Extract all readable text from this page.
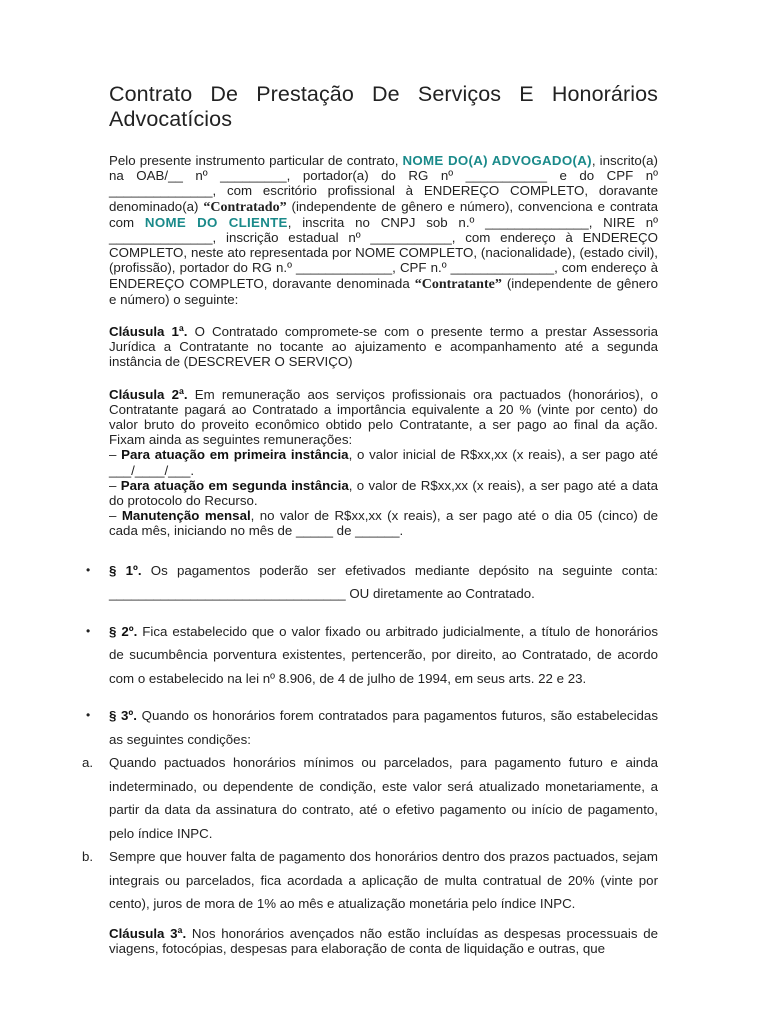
Contrato De Prestação De Serviços E Honorários
Advocatícios

Pelo presente instrumento particular de contrato, NOME DO(A) ADVOGADO(A), inscrito(a) na OAB/__ nº _________, portador(a) do RG nº ___________ e do CPF nº ______________, com escritório profissional à ENDEREÇO COMPLETO, doravante denominado(a) “Contratado” (independente de gênero e número), convenciona e contrata com NOME DO CLIENTE, inscrita no CNPJ sob n.º ______________, NIRE nº ______________, inscrição estadual nº ___________, com endereço à ENDEREÇO COMPLETO, neste ato representada por NOME COMPLETO, (nacionalidade), (estado civil), (profissão), portador do RG n.º _____________, CPF n.º ______________, com endereço à ENDEREÇO COMPLETO, doravante denominada “Contratante” (independente de gênero e número) o seguinte:

Cláusula 1ª. O Contratado compromete-se com o presente termo a prestar Assessoria Jurídica a Contratante no tocante ao ajuizamento e acompanhamento até a segunda instância de (DESCREVER O SERVIÇO)

Cláusula 2ª. Em remuneração aos serviços profissionais ora pactuados (honorários), o Contratante pagará ao Contratado a importância equivalente a 20 % (vinte por cento) do valor bruto do proveito econômico obtido pelo Contratante, a ser pago ao final da ação. Fixam ainda as seguintes remunerações:

– Para atuação em primeira instância, o valor inicial de R$xx,xx (x reais), a ser pago até ___/____/___.

– Para atuação em segunda instância, o valor de R$xx,xx (x reais), a ser pago até a data do protocolo do Recurso.

– Manutenção mensal, no valor de R$xx,xx (x reais), a ser pago até o dia 05 (cinco) de cada mês, iniciando no mês de _____ de ______.

• § 1º. Os pagamentos poderão ser efetivados mediante depósito na seguinte conta: ________________________________ OU diretamente ao Contratado.
• § 2º. Fica estabelecido que o valor fixado ou arbitrado judicialmente, a título de honorários de sucumbência porventura existentes, pertencerão, por direito, ao Contratado, de acordo com o estabelecido na lei nº 8.906, de 4 de julho de 1994, em seus arts. 22 e 23.
• § 3º. Quando os honorários forem contratados para pagamentos futuros, são estabelecidas as seguintes condições:
a. Quando pactuados honorários mínimos ou parcelados, para pagamento futuro e ainda indeterminado, ou dependente de condição, este valor será atualizado monetariamente, a partir da data da assinatura do contrato, até o efetivo pagamento ou início de pagamento, pelo índice INPC.
b. Sempre que houver falta de pagamento dos honorários dentro dos prazos pactuados, sejam integrais ou parcelados, fica acordada a aplicação de multa contratual de 20% (vinte por cento), juros de mora de 1% ao mês e atualização monetária pelo índice INPC.

Cláusula 3ª. Nos honorários avençados não estão incluídas as despesas processuais de viagens, fotocópias, despesas para elaboração de conta de liquidação e outras, que
